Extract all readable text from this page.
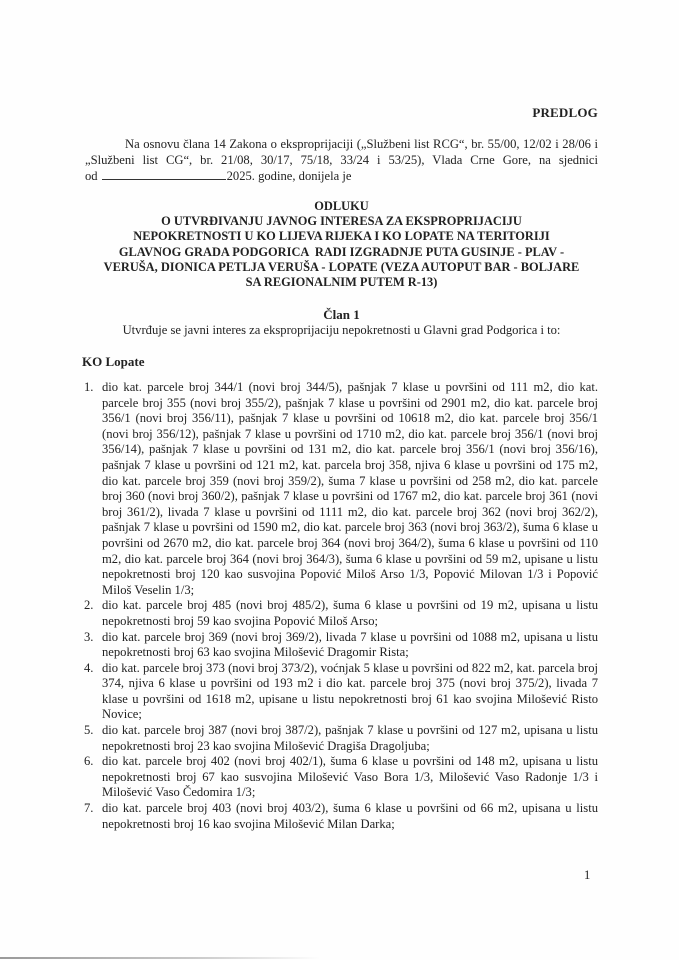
PREDLOG
Na osnovu člana 14 Zakona o eksproprijaciji („Službeni list RCG“, br. 55/00, 12/02 i 28/06 i „Službeni list CG“, br. 21/08, 30/17, 75/18, 33/24 i 53/25), Vlada Crne Gore, na sjednici
od	2025. godine, donijela je
ODLUKU
O UTVRĐIVANJU JAVNOG INTERESA ZA EKSPROPRIJACIJU
NEPOKRETNOSTI U KO LIJEVA RIJEKA I KO LOPATE NA TERITORIJI
GLAVNOG GRADA PODGORICA  RADI IZGRADNJE PUTA GUSINJE - PLAV -
VERUŠA, DIONICA PETLJA VERUŠA - LOPATE (VEZA AUTOPUT BAR - BOLJARE
SA REGIONALNIM PUTEM R-13)
Član 1
Utvrđuje se javni interes za eksproprijaciju nepokretnosti u Glavni grad Podgorica i to:
KO Lopate
1. dio kat. parcele broj 344/1 (novi broj 344/5), pašnjak 7 klase u površini od 111 m2, dio kat. parcele broj 355 (novi broj 355/2), pašnjak 7 klase u površini od 2901 m2, dio kat. parcele broj 356/1 (novi broj 356/11), pašnjak 7 klase u površini od 10618 m2, dio kat. parcele broj 356/1 (novi broj 356/12), pašnjak 7 klase u površini od 1710 m2, dio kat. parcele broj 356/1 (novi broj 356/14), pašnjak 7 klase u površini od 131 m2, dio kat. parcele broj 356/1 (novi broj 356/16), pašnjak 7 klase u površini od 121 m2, kat. parcela broj 358, njiva 6 klase u površini od 175 m2, dio kat. parcele broj 359 (novi broj 359/2), šuma 7 klase u površini od 258 m2, dio kat. parcele broj 360 (novi broj 360/2), pašnjak 7 klase u površini od 1767 m2, dio kat. parcele broj 361 (novi broj 361/2), livada 7 klase u površini od 1111 m2, dio kat. parcele broj 362 (novi broj 362/2), pašnjak 7 klase u površini od 1590 m2, dio kat. parcele broj 363 (novi broj 363/2), šuma 6 klase u površini od 2670 m2, dio kat. parcele broj 364 (novi broj 364/2), šuma 6 klase u površini od 110 m2, dio kat. parcele broj 364 (novi broj 364/3), šuma 6 klase u površini od 59 m2, upisane u listu nepokretnosti broj 120 kao susvojina Popović Miloš Arso 1/3, Popović Milovan 1/3 i Popović Miloš Veselin 1/3;
2. dio kat. parcele broj 485 (novi broj 485/2), šuma 6 klase u površini od 19 m2, upisana u listu nepokretnosti broj 59 kao svojina Popović Miloš Arso;
3. dio kat. parcele broj 369 (novi broj 369/2), livada 7 klase u površini od 1088 m2, upisana u listu nepokretnosti broj 63 kao svojina Milošević Dragomir Rista;
4. dio kat. parcele broj 373 (novi broj 373/2), voćnjak 5 klase u površini od 822 m2, kat. parcela broj 374, njiva 6 klase u površini od 193 m2 i dio kat. parcele broj 375 (novi broj 375/2), livada 7 klase u površini od 1618 m2, upisane u listu nepokretnosti broj 61 kao svojina Milošević Risto Novice;
5. dio kat. parcele broj 387 (novi broj 387/2), pašnjak 7 klase u površini od 127 m2, upisana u listu nepokretnosti broj 23 kao svojina Milošević Dragiša Dragoljuba;
6. dio kat. parcele broj 402 (novi broj 402/1), šuma 6 klase u površini od 148 m2, upisana u listu nepokretnosti broj 67 kao susvojina Milošević Vaso Bora 1/3, Milošević Vaso Radonje 1/3 i Milošević Vaso Čedomira 1/3;
7. dio kat. parcele broj 403 (novi broj 403/2), šuma 6 klase u površini od 66 m2, upisana u listu nepokretnosti broj 16 kao svojina Milošević Milan Darka;
1
